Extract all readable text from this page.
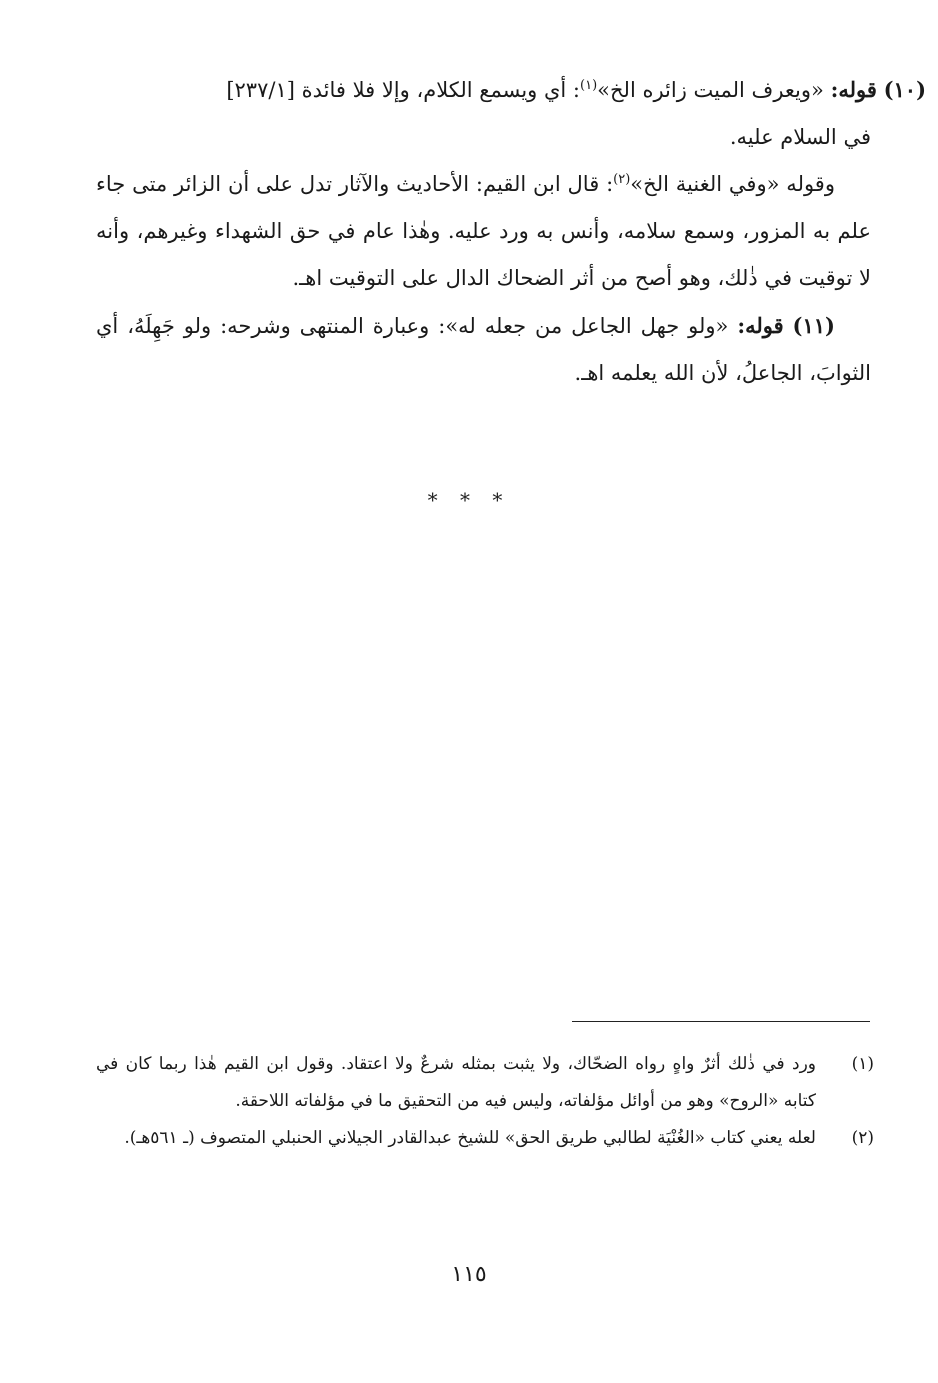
(١٠) قوله: «ويعرف الميت زائره الخ»$^{(١)}$: أي ويسمع الكلام، وإلا فلا فائدة [٢٣٧/١]

في السلام عليه.

وقوله «وفي الغنية الخ»$^{(٢)}$: قال ابن القيم: الأحاديث والآثار تدل على أن الزائر متى جاء علم به المزور، وسمع سلامه، وأنس به ورد عليه. وهٰذا عام في حق الشهداء وغيرهم، وأنه لا توقيت في ذٰلك، وهو أصح من أثر الضحاك الدال على التوقيت اهـ.

(١١) قوله: «ولو جهل الجاعل من جعله له»: وعبارة المنتهى وشرحه: ولو جَهِلَهُ، أي الثوابَ، الجاعلُ، لأن الله يعلمه اهـ.

* * *

(١)
ورد في ذٰلك أثرٌ واهٍ رواه الضحّاك، ولا يثبت بمثله شرعٌ ولا اعتقاد. وقول ابن القيم هٰذا ربما كان في كتابه «الروح» وهو من أوائل مؤلفاته، وليس فيه من التحقيق ما في مؤلفاته اللاحقة.

(٢)
لعله يعني كتاب «الغُنْيَة لطالبي طريق الحق» للشيخ عبدالقادر الجيلاني الحنبلي المتصوف (ـ ٥٦١هـ).

١١٥
